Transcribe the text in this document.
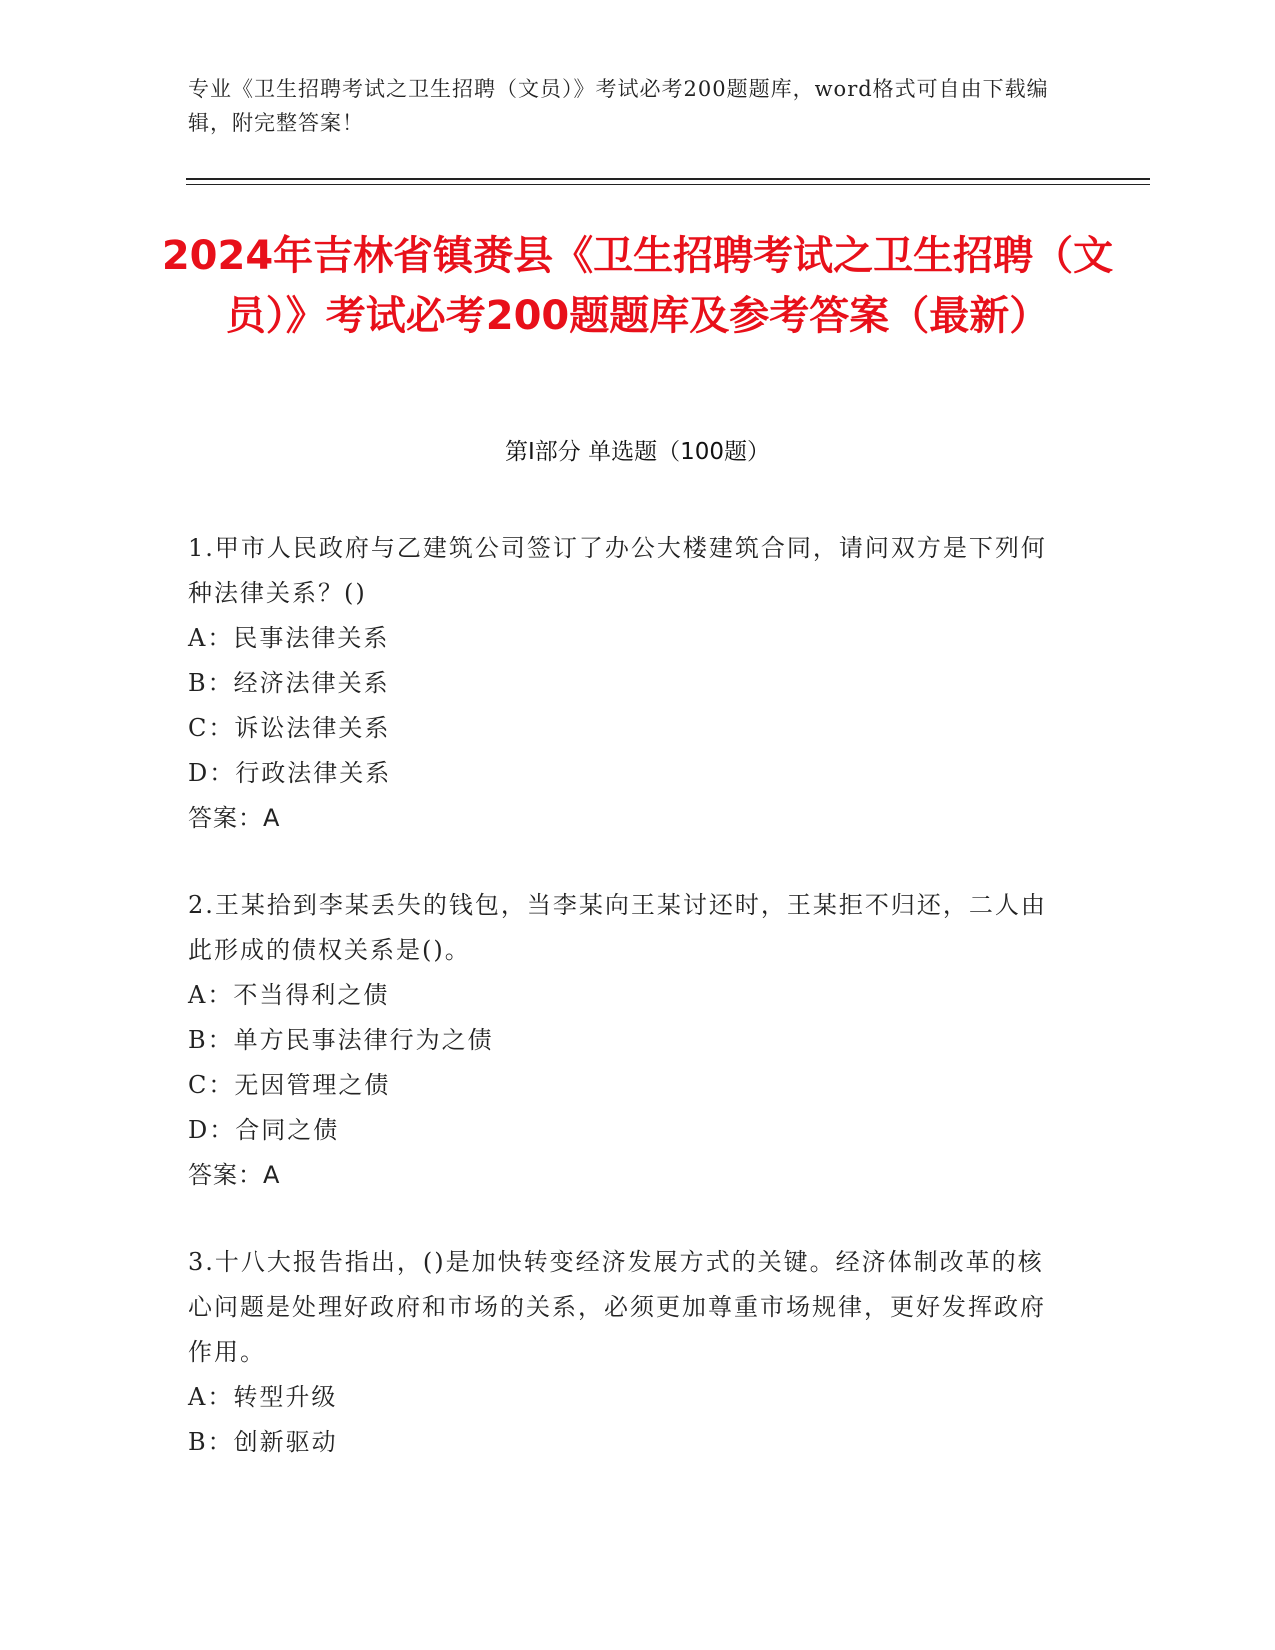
专业《卫生招聘考试之卫生招聘（文员）》考试必考200题题库，word格式可自由下载编辑，附完整答案！
2024年吉林省镇赉县《卫生招聘考试之卫生招聘（文员）》考试必考200题题库及参考答案（最新）
第Ⅰ部分 单选题（100题）

1.甲市人民政府与乙建筑公司签订了办公大楼建筑合同，请问双方是下列何种法律关系？()

A：民事法律关系

B：经济法律关系

C：诉讼法律关系

D：行政法律关系

答案：A

2.王某拾到李某丢失的钱包，当李某向王某讨还时，王某拒不归还，二人由此形成的债权关系是()。

A：不当得利之债

B：单方民事法律行为之债

C：无因管理之债

D：合同之债

答案：A

3.十八大报告指出，()是加快转变经济发展方式的关键。经济体制改革的核心问题是处理好政府和市场的关系，必须更加尊重市场规律，更好发挥政府作用。

A：转型升级

B：创新驱动
